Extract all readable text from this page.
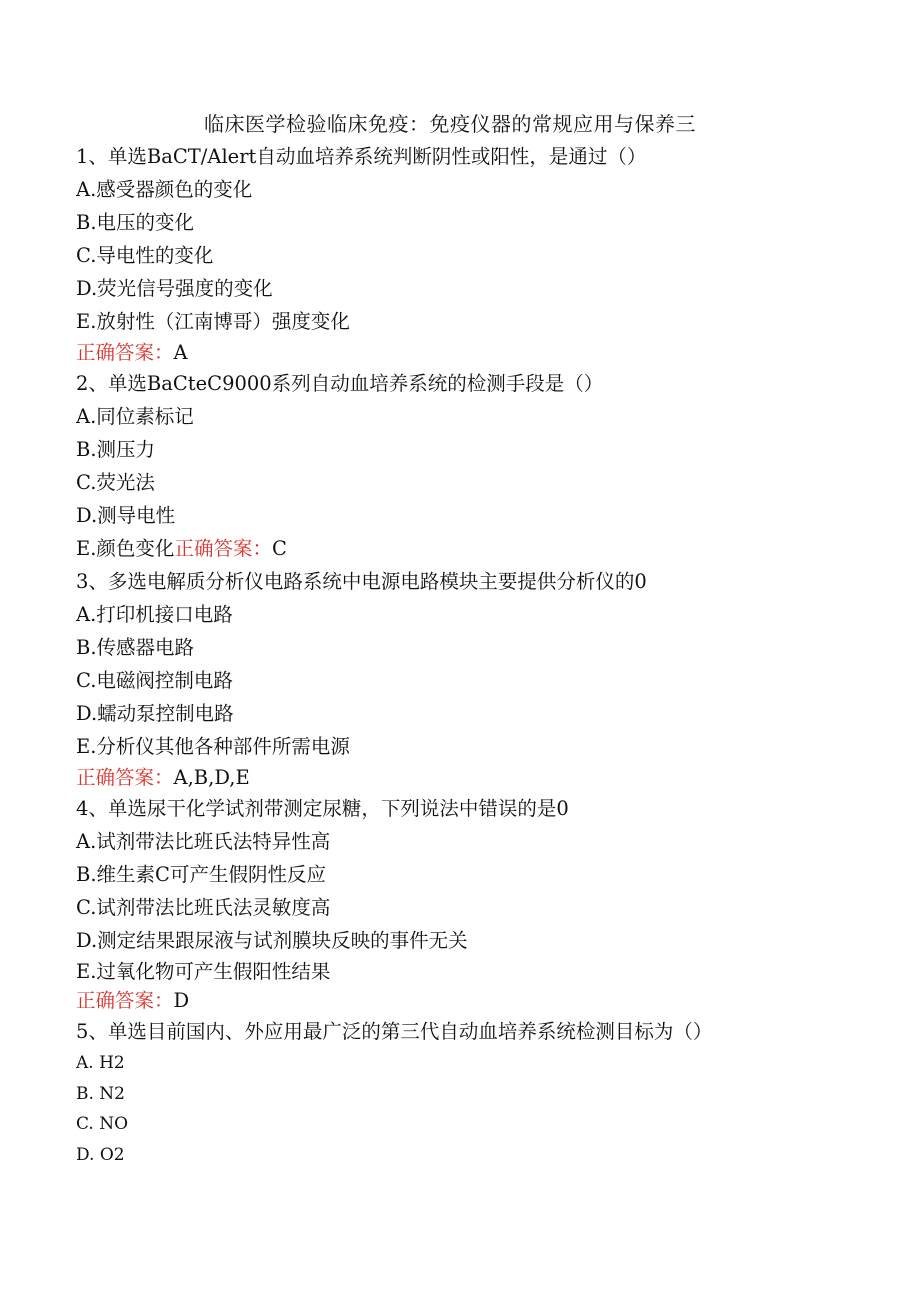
临床医学检验临床免疫：免疫仪器的常规应用与保养三
1、单选BaCT/Alert自动血培养系统判断阴性或阳性，是通过（）
A.感受器颜色的变化
B.电压的变化
C.导电性的变化
D.荧光信号强度的变化
E.放射性（江南博哥）强度变化
正确答案：A
2、单选BaCteC9000系列自动血培养系统的检测手段是（）
A.同位素标记
B.测压力
C.荧光法
D.测导电性
E.颜色变化正确答案：C
3、多选电解质分析仪电路系统中电源电路模块主要提供分析仪的0
A.打印机接口电路
B.传感器电路
C.电磁阀控制电路
D.蠕动泵控制电路
E.分析仪其他各种部件所需电源
正确答案：A,B,D,E
4、单选尿干化学试剂带测定尿糖，下列说法中错误的是0
A.试剂带法比班氏法特异性高
B.维生素C可产生假阴性反应
C.试剂带法比班氏法灵敏度高
D.测定结果跟尿液与试剂膜块反映的事件无关
E.过氧化物可产生假阳性结果
正确答案：D
5、单选目前国内、外应用最广泛的第三代自动血培养系统检测目标为（）
A. H2
B. N2
C. NO
D. O2
